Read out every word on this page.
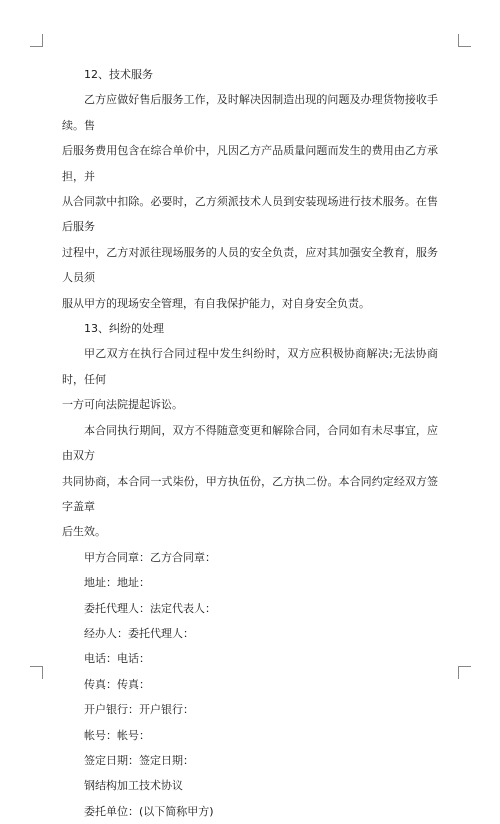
12、技术服务

乙方应做好售后服务工作，及时解决因制造出现的问题及办理货物接收手续。售
后服务费用包含在综合单价中，凡因乙方产品质量问题而发生的费用由乙方承担，并
从合同款中扣除。必要时，乙方须派技术人员到安装现场进行技术服务。在售后服务
过程中，乙方对派往现场服务的人员的安全负责，应对其加强安全教育，服务人员须
服从甲方的现场安全管理，有自我保护能力，对自身安全负责。

13、纠纷的处理

甲乙双方在执行合同过程中发生纠纷时，双方应积极协商解决;无法协商时，任何
一方可向法院提起诉讼。

本合同执行期间，双方不得随意变更和解除合同，合同如有未尽事宜，应由双方
共同协商，本合同一式柒份，甲方执伍份，乙方执二份。本合同约定经双方签字盖章
后生效。

甲方合同章：乙方合同章：

地址：地址：

委托代理人：法定代表人：

经办人：委托代理人：

电话：电话：

传真：传真：

开户银行：开户银行：

帐号：帐号：

签定日期：签定日期：

钢结构加工技术协议

委托单位：(以下简称甲方)
